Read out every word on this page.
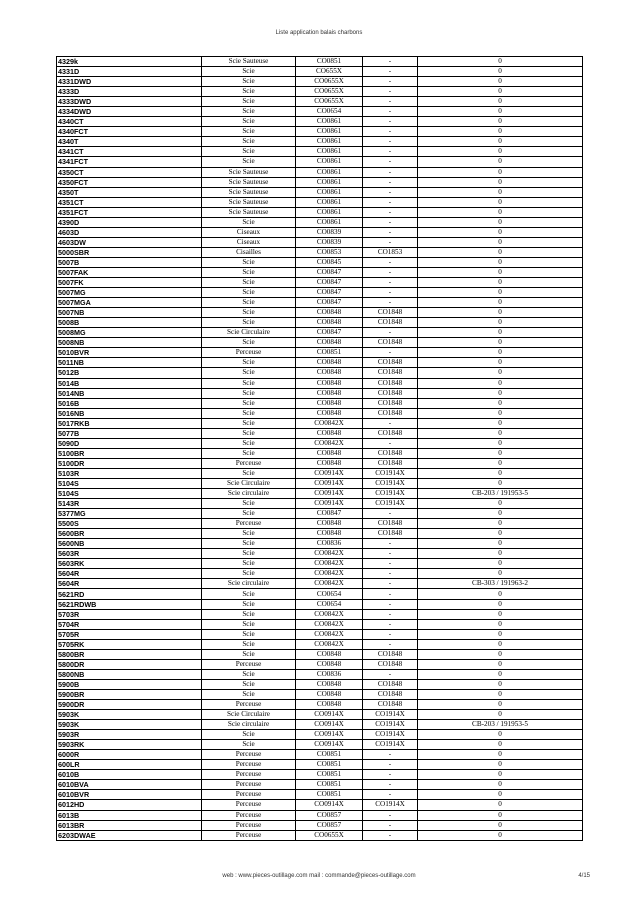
Liste application balais charbons
4329k	Scie Sauteuse	CO0851	-	0
4331D	Scie	CO655X	-	0
4331DWD	Scie	CO0655X	-	0
4333D	Scie	CO0655X	-	0
4333DWD	Scie	CO0655X	-	0
4334DWD	Scie	CO0654	-	0
4340CT	Scie	CO0861	-	0
4340FCT	Scie	CO0861	-	0
4340T	Scie	CO0861	-	0
4341CT	Scie	CO0861	-	0
4341FCT	Scie	CO0861	-	0
4350CT	Scie Sauteuse	CO0861	-	0
4350FCT	Scie Sauteuse	CO0861	-	0
4350T	Scie Sauteuse	CO0861	-	0
4351CT	Scie Sauteuse	CO0861	-	0
4351FCT	Scie Sauteuse	CO0861	-	0
4390D	Scie	CO0861	-	0
4603D	Ciseaux	CO0839	-	0
4603DW	Ciseaux	CO0839	-	0
5000SBR	Cisailles	CO0853	CO1853	0
5007B	Scie	CO0845	-	0
5007FAK	Scie	CO0847	-	0
5007FK	Scie	CO0847	-	0
5007MG	Scie	CO0847	-	0
5007MGA	Scie	CO0847	-	0
5007NB	Scie	CO0848	CO1848	0
5008B	Scie	CO0848	CO1848	0
5008MG	Scie Circulaire	CO0847	-	0
5008NB	Scie	CO0848	CO1848	0
5010BVR	Perceuse	CO0851	-	0
5011NB	Scie	CO0848	CO1848	0
5012B	Scie	CO0848	CO1848	0
5014B	Scie	CO0848	CO1848	0
5014NB	Scie	CO0848	CO1848	0
5016B	Scie	CO0848	CO1848	0
5016NB	Scie	CO0848	CO1848	0
5017RKB	Scie	CO0842X	-	0
5077B	Scie	CO0848	CO1848	0
5090D	Scie	CO0842X	-	0
5100BR	Scie	CO0848	CO1848	0
5100DR	Perceuse	CO0848	CO1848	0
5103R	Scie	CO0914X	CO1914X	0
5104S	Scie Circulaire	CO0914X	CO1914X	0
5104S	Scie circulaire	CO0914X	CO1914X	CB-203 / 191953-5
5143R	Scie	CO0914X	CO1914X	0
5377MG	Scie	CO0847	-	0
5500S	Perceuse	CO0848	CO1848	0
5600BR	Scie	CO0848	CO1848	0
5600NB	Scie	CO0836	-	0
5603R	Scie	CO0842X	-	0
5603RK	Scie	CO0842X	-	0
5604R	Scie	CO0842X	-	0
5604R	Scie circulaire	CO0842X	-	CB-303 / 191963-2
5621RD	Scie	CO0654	-	0
5621RDWB	Scie	CO0654	-	0
5703R	Scie	CO0842X	-	0
5704R	Scie	CO0842X	-	0
5705R	Scie	CO0842X	-	0
5705RK	Scie	CO0842X	-	0
5800BR	Scie	CO0848	CO1848	0
5800DR	Perceuse	CO0848	CO1848	0
5800NB	Scie	CO0836	-	0
5900B	Scie	CO0848	CO1848	0
5900BR	Scie	CO0848	CO1848	0
5900DR	Perceuse	CO0848	CO1848	0
5903K	Scie Circulaire	CO0914X	CO1914X	0
5903K	Scie circulaire	CO0914X	CO1914X	CB-203 / 191953-5
5903R	Scie	CO0914X	CO1914X	0
5903RK	Scie	CO0914X	CO1914X	0
6000R	Perceuse	CO0851	-	0
600LR	Perceuse	CO0851	-	0
6010B	Perceuse	CO0851	-	0
6010BVA	Perceuse	CO0851	-	0
6010BVR	Perceuse	CO0851	-	0
6012HD	Perceuse	CO0914X	CO1914X	0
6013B	Perceuse	CO0857	-	0
6013BR	Perceuse	CO0857	-	0
6203DWAE	Perceuse	CO0655X	-	0
web : www.pieces-outillage.com mail : commande@pieces-outillage.com	4/15
